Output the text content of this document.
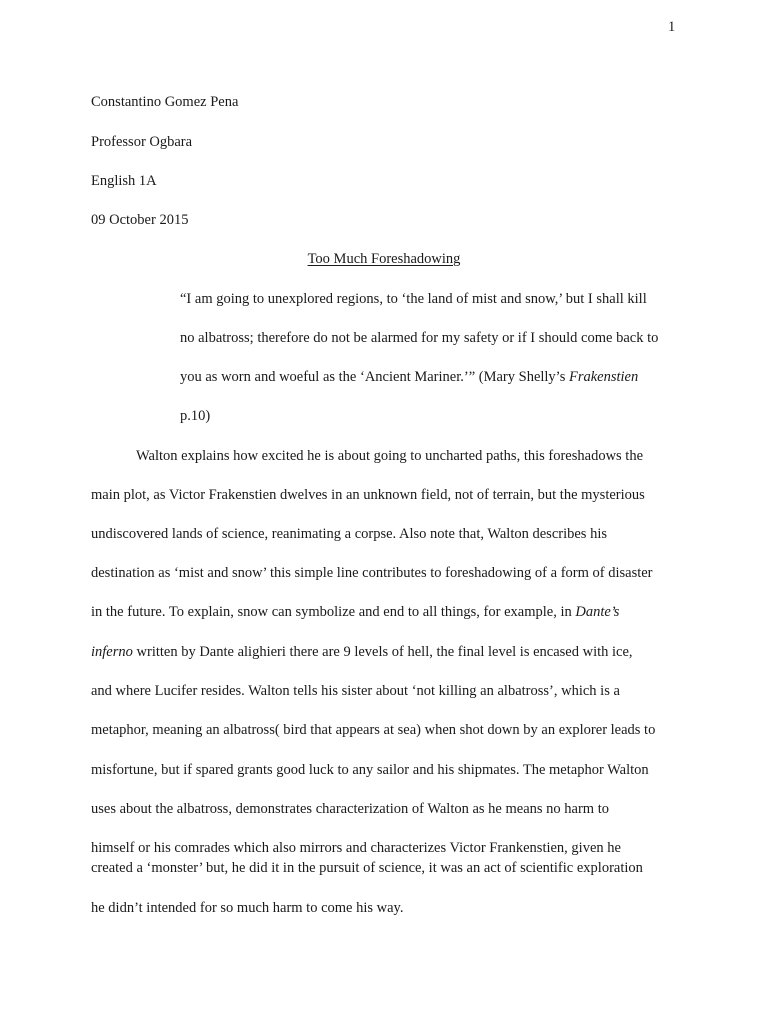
1
Constantino Gomez Pena
Professor Ogbara
English 1A
09 October 2015
Too Much Foreshadowing
“I am going to unexplored regions, to ‘the land of mist and snow,’ but I shall kill
no albatross; therefore do not be alarmed for my safety or if I should come back to
you as worn and woeful as the ‘Ancient Mariner.’” (Mary Shelly’s Frakenstien
p.10)
Walton explains how excited he is about going to uncharted paths, this foreshadows the
main plot, as Victor Frakenstien dwelves in an unknown field, not of terrain, but the mysterious
undiscovered lands of science, reanimating a corpse. Also note that, Walton describes his
destination as ‘mist and snow’ this simple line contributes to foreshadowing of a form of disaster
in the future. To explain, snow can symbolize and end to all things, for example, in Dante’s
inferno written by Dante alighieri there are 9 levels of hell, the final level is encased with ice,
and where Lucifer resides. Walton tells his sister about ‘not killing an albatross’, which is a
metaphor, meaning an albatross( bird that appears at sea) when shot down by an explorer leads to
misfortune, but if spared grants good luck to any sailor and his shipmates. The metaphor Walton
uses about the albatross, demonstrates characterization of Walton as he means no harm to
himself or his comrades which also mirrors and characterizes Victor Frankenstien, given he
created a ‘monster’ but, he did it in the pursuit of science, it was an act of scientific exploration
he didn’t intended for so much harm to come his way.
